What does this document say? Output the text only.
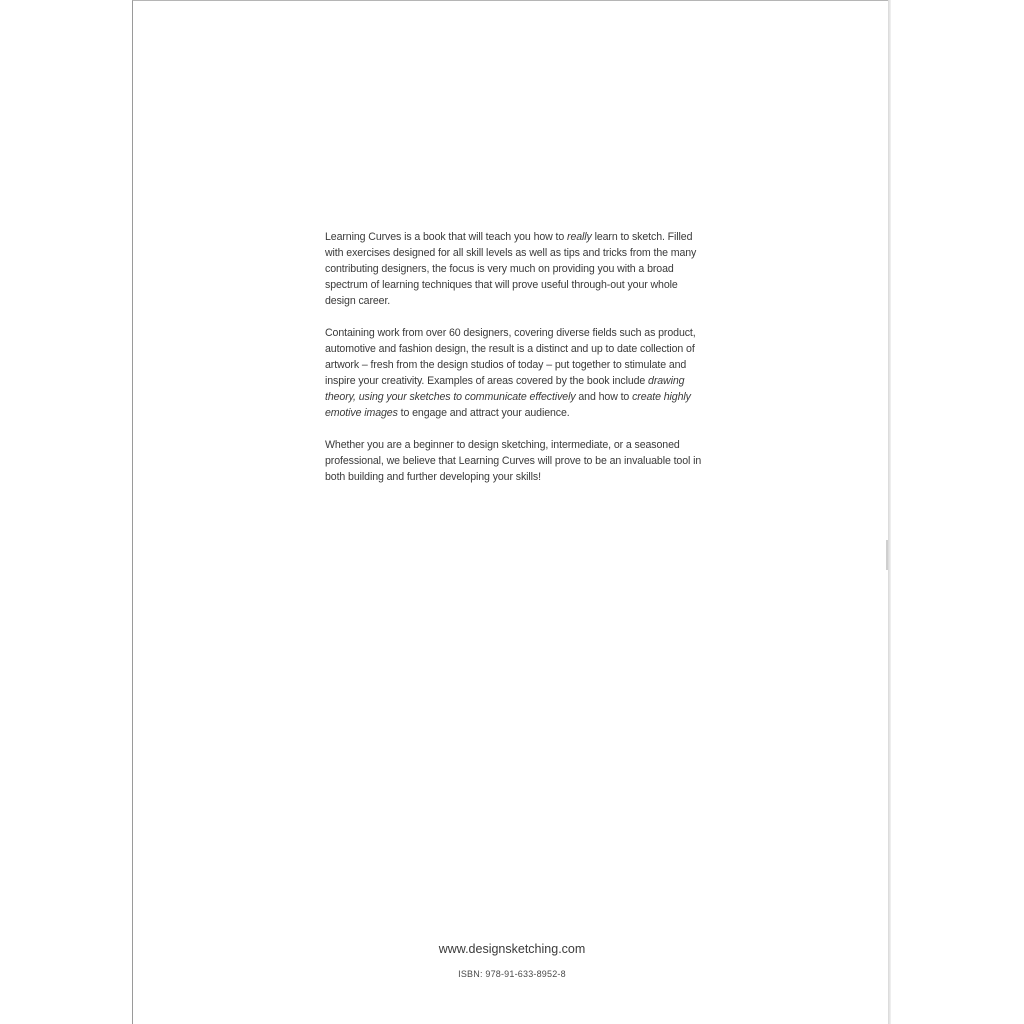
Learning Curves is a book that will teach you how to really learn to sketch. Filled with exercises designed for all skill levels as well as tips and tricks from the many contributing designers, the focus is very much on providing you with a broad spectrum of learning techniques that will prove useful through-out your whole design career.

Containing work from over 60 designers, covering diverse fields such as product, automotive and fashion design, the result is a distinct and up to date collection of artwork – fresh from the design studios of today – put together to stimulate and inspire your creativity. Examples of areas covered by the book include drawing theory, using your sketches to communicate effectively and how to create highly emotive images to engage and attract your audience.

Whether you are a beginner to design sketching, intermediate, or a seasoned professional, we believe that Learning Curves will prove to be an invaluable tool in both building and further developing your skills!

www.designsketching.com
ISBN: 978-91-633-8952-8
